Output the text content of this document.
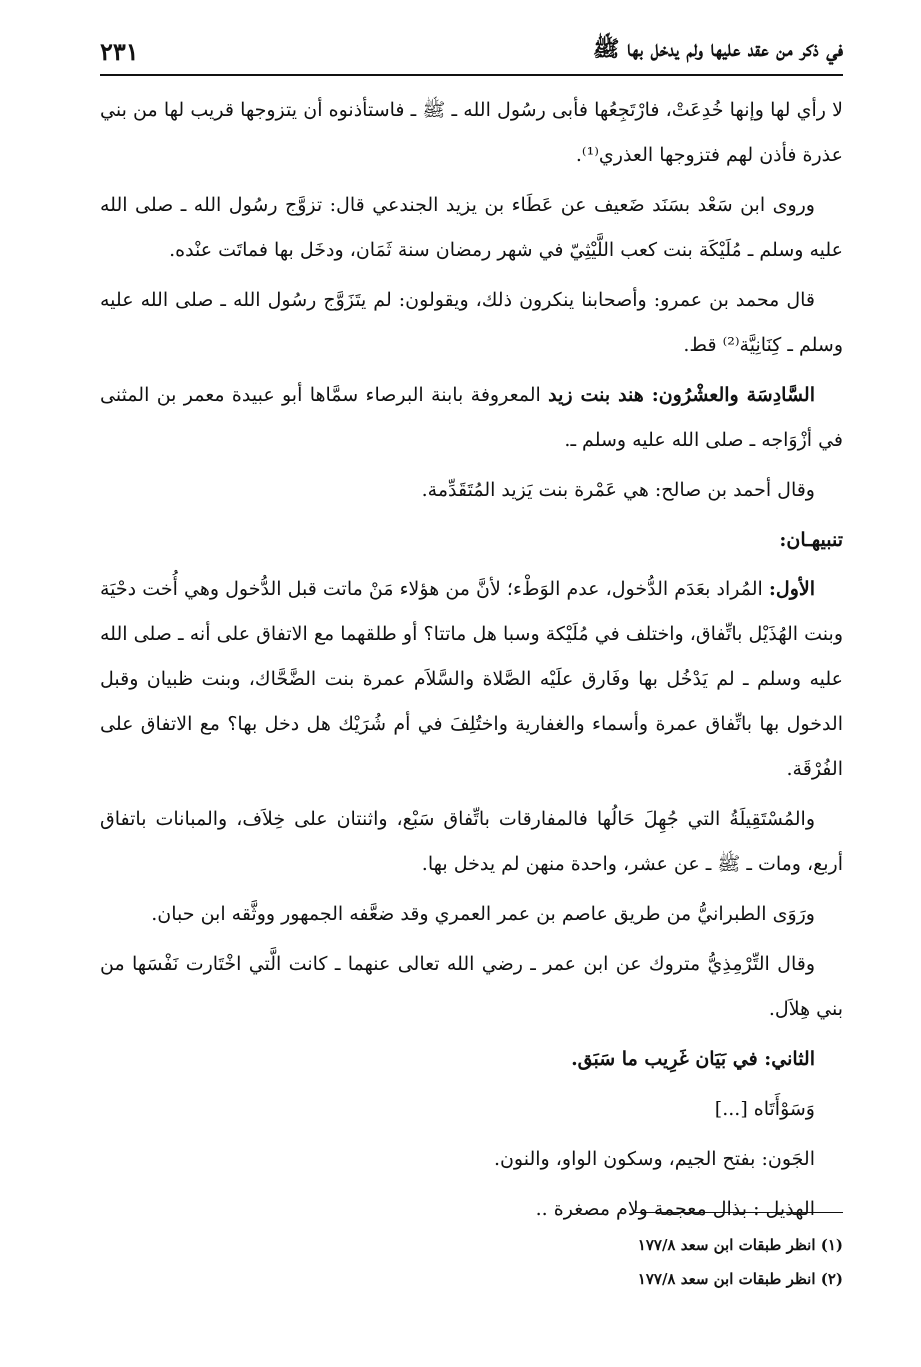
في ذكر من عقد عليها ولم يدخل بها ﷺ
٢٣١

لا رأي لها وإنها خُدِعَتْ، فارْتَجِعُها فأبى رسُول الله ـ ﷺ ـ فاستأذنوه أن يتزوجها قريب لها من بني عذرة فأذن لهم فتزوجها العذري⁽¹⁾.

وروى ابن سَعْد بسَنَد ضَعيف عن عَطَاء بن يزيد الجندعي قال: تزوَّج رسُول الله ـ صلى الله عليه وسلم ـ مُلَيْكَة بنت كعب اللَّيْثِيّ في شهر رمضان سنة ثَمَان، ودخَل بها فماتَت عنْده.

قال محمد بن عمرو: وأصحابنا ينكرون ذلك، ويقولون: لم يتَزَوَّج رسُول الله ـ صلى الله عليه وسلم ـ كِنَانِيَّة⁽²⁾ قط.

السَّادِسَة والعشْرُون: هند بنت زيد المعروفة بابنة البرصاء سمَّاها أبو عبيدة معمر بن المثنى في أزْوَاجه ـ صلى الله عليه وسلم ـ.

وقال أحمد بن صالح: هي عَمْرة بنت يَزيد المُتَقَدِّمة.

تنبيهـان:

الأول: المُراد بعَدَم الدُّخول، عدم الوَطْء؛ لأنَّ من هؤلاء مَنْ ماتت قبل الدُّخول وهي أُخت دحْيَة وبنت الهُذَيْل باتِّفاق، واختلف في مُلَيْكة وسبا هل ماتتا؟ أو طلقهما مع الاتفاق على أنه ـ صلى الله عليه وسلم ـ لم يَدْخُل بها وفَارق علَيْه الصَّلاة والسَّلاَم عمرة بنت الضَّحَّاك، وبنت ظبيان وقبل الدخول بها باتِّفاق عمرة وأسماء والغفارية واختُلِفَ في أم شُرَيْك هل دخل بها؟ مع الاتفاق على الفُرْقَة.

والمُسْتَقِيلَةُ التي جُهِلَ حَالُها فالمفارقات باتِّفاق سَبْع، واثنتان على خِلاَف، والمبانات باتفاق أربع، ومات ـ ﷺ ـ عن عشر، واحدة منهن لم يدخل بها.

ورَوَى الطبرانيُّ من طريق عاصم بن عمر العمري وقد ضعَّفه الجمهور ووثَّقه ابن حبان.

وقال التِّرْمِذِيُّ متروك عن ابن عمر ـ رضي الله تعالى عنهما ـ كانت الَّتي اخْتَارت نَفْسَها من بني هِلاَل.

الثاني: في بَيَان غَرِيب ما سَبَق.

وَسَوْأَتَاه [...]

الجَون: بفتح الجيم، وسكون الواو، والنون.

الهذيل : بذال معجمة ولام مصغرة ..

(١) انظر طبقات ابن سعد ١٧٧/٨

(٢) انظر طبقات ابن سعد ١٧٧/٨
